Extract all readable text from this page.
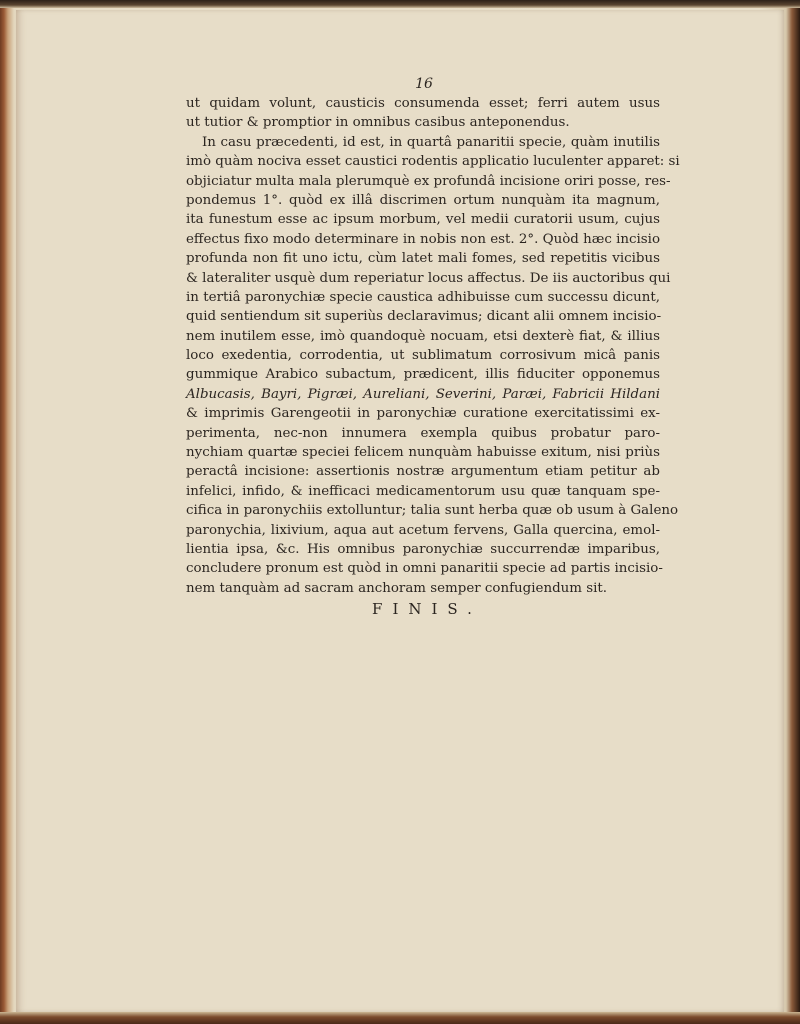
16
ut quidam volunt, causticis consumenda esset; ferri autem usus
ut tutior & promptior in omnibus casibus anteponendus.
In casu præcedenti, id est, in quartâ panaritii specie, quàm inutilis
imò quàm nociva esset caustici rodentis applicatio luculenter apparet: si
objiciatur multa mala plerumquè ex profundâ incisione oriri posse, res-
pondemus 1°. quòd ex illâ discrimen ortum nunquàm ita magnum,
ita funestum esse ac ipsum morbum, vel medii curatorii usum, cujus
effectus fixo modo determinare in nobis non est. 2°. Quòd hæc incisio
profunda non fit uno ictu, cùm latet mali fomes, sed repetitis vicibus
& lateraliter usquè dum reperiatur locus affectus. De iis auctoribus qui
in tertiâ paronychiæ specie caustica adhibuisse cum successu dicunt,
quid sentiendum sit superiùs declaravimus; dicant alii omnem incisio-
nem inutilem esse, imò quandoquè nocuam, etsi dexterè fiat, & illius
loco exedentia, corrodentia, ut sublimatum corrosivum micâ panis
gummique Arabico subactum, prædicent, illis fiduciter opponemus
Albucasis, Bayri, Pigræi, Aureliani, Severini, Paræi, Fabricii Hildani
& imprimis Garengeotii in paronychiæ curatione exercitatissimi ex-
perimenta, nec-non innumera exempla quibus probatur paro-
nychiam quartæ speciei felicem nunquàm habuisse exitum, nisi priùs
peractâ incisione: assertionis nostræ argumentum etiam petitur ab
infelici, infido, & inefficaci medicamentorum usu quæ tanquam spe-
cifica in paronychiis extolluntur; talia sunt herba quæ ob usum à Galeno
paronychia, lixivium, aqua aut acetum fervens, Galla quercina, emol-
lientia ipsa, &c. His omnibus paronychiæ succurrendæ imparibus,
concludere pronum est quòd in omni panaritii specie ad partis incisio-
nem tanquàm ad sacram anchoram semper confugiendum sit.
FINIS.
